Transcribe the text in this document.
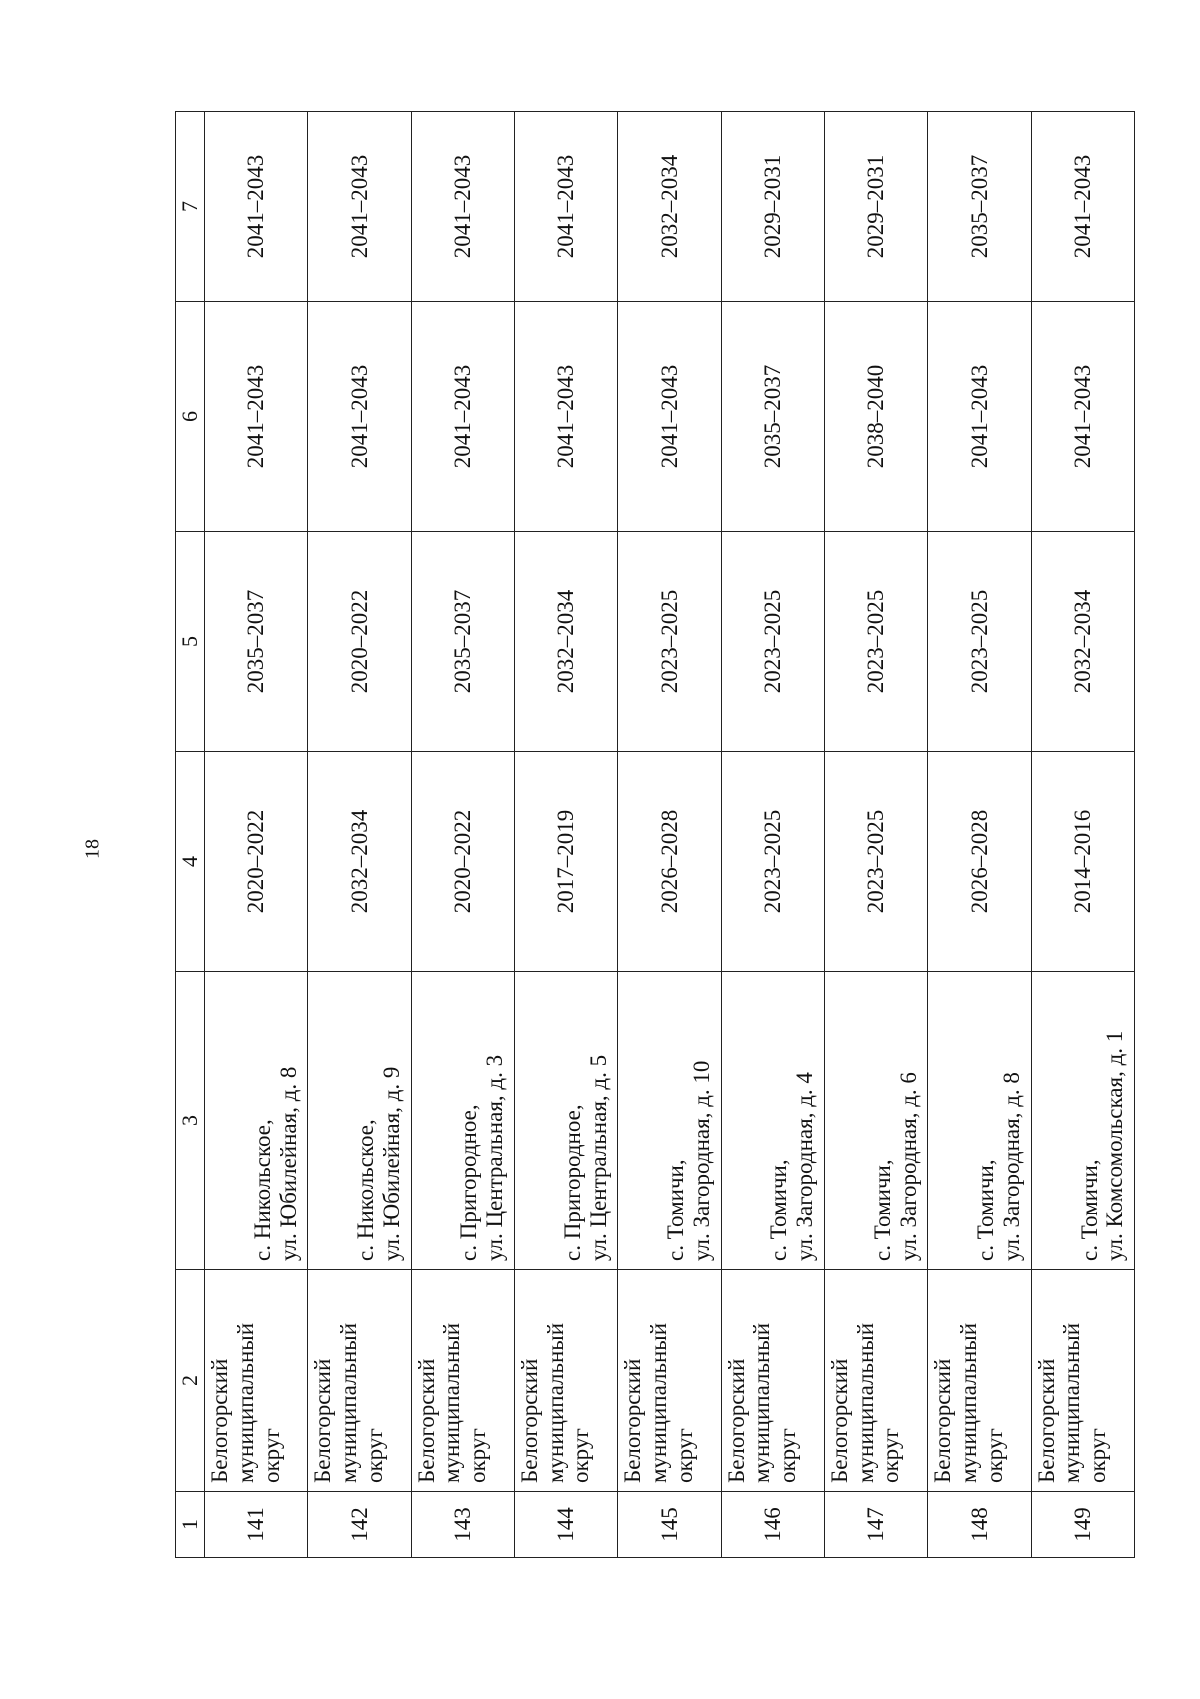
18
1	2	3	4	5	6	7
141	Белогорский муниципальный округ	с. Никольское, ул. Юбилейная, д. 8	2020–2022	2035–2037	2041–2043	2041–2043
142	Белогорский муниципальный округ	с. Никольское, ул. Юбилейная, д. 9	2032–2034	2020–2022	2041–2043	2041–2043
143	Белогорский муниципальный округ	с. Пригородное, ул. Центральная, д. 3	2020–2022	2035–2037	2041–2043	2041–2043
144	Белогорский муниципальный округ	с. Пригородное, ул. Центральная, д. 5	2017–2019	2032–2034	2041–2043	2041–2043
145	Белогорский муниципальный округ	с. Томичи, ул. Загородная, д. 10	2026–2028	2023–2025	2041–2043	2032–2034
146	Белогорский муниципальный округ	с. Томичи, ул. Загородная, д. 4	2023–2025	2023–2025	2035–2037	2029–2031
147	Белогорский муниципальный округ	с. Томичи, ул. Загородная, д. 6	2023–2025	2023–2025	2038–2040	2029–2031
148	Белогорский муниципальный округ	с. Томичи, ул. Загородная, д. 8	2026–2028	2023–2025	2041–2043	2035–2037
149	Белогорский муниципальный округ	с. Томичи, ул. Комсомольская, д. 1	2014–2016	2032–2034	2041–2043	2041–2043
